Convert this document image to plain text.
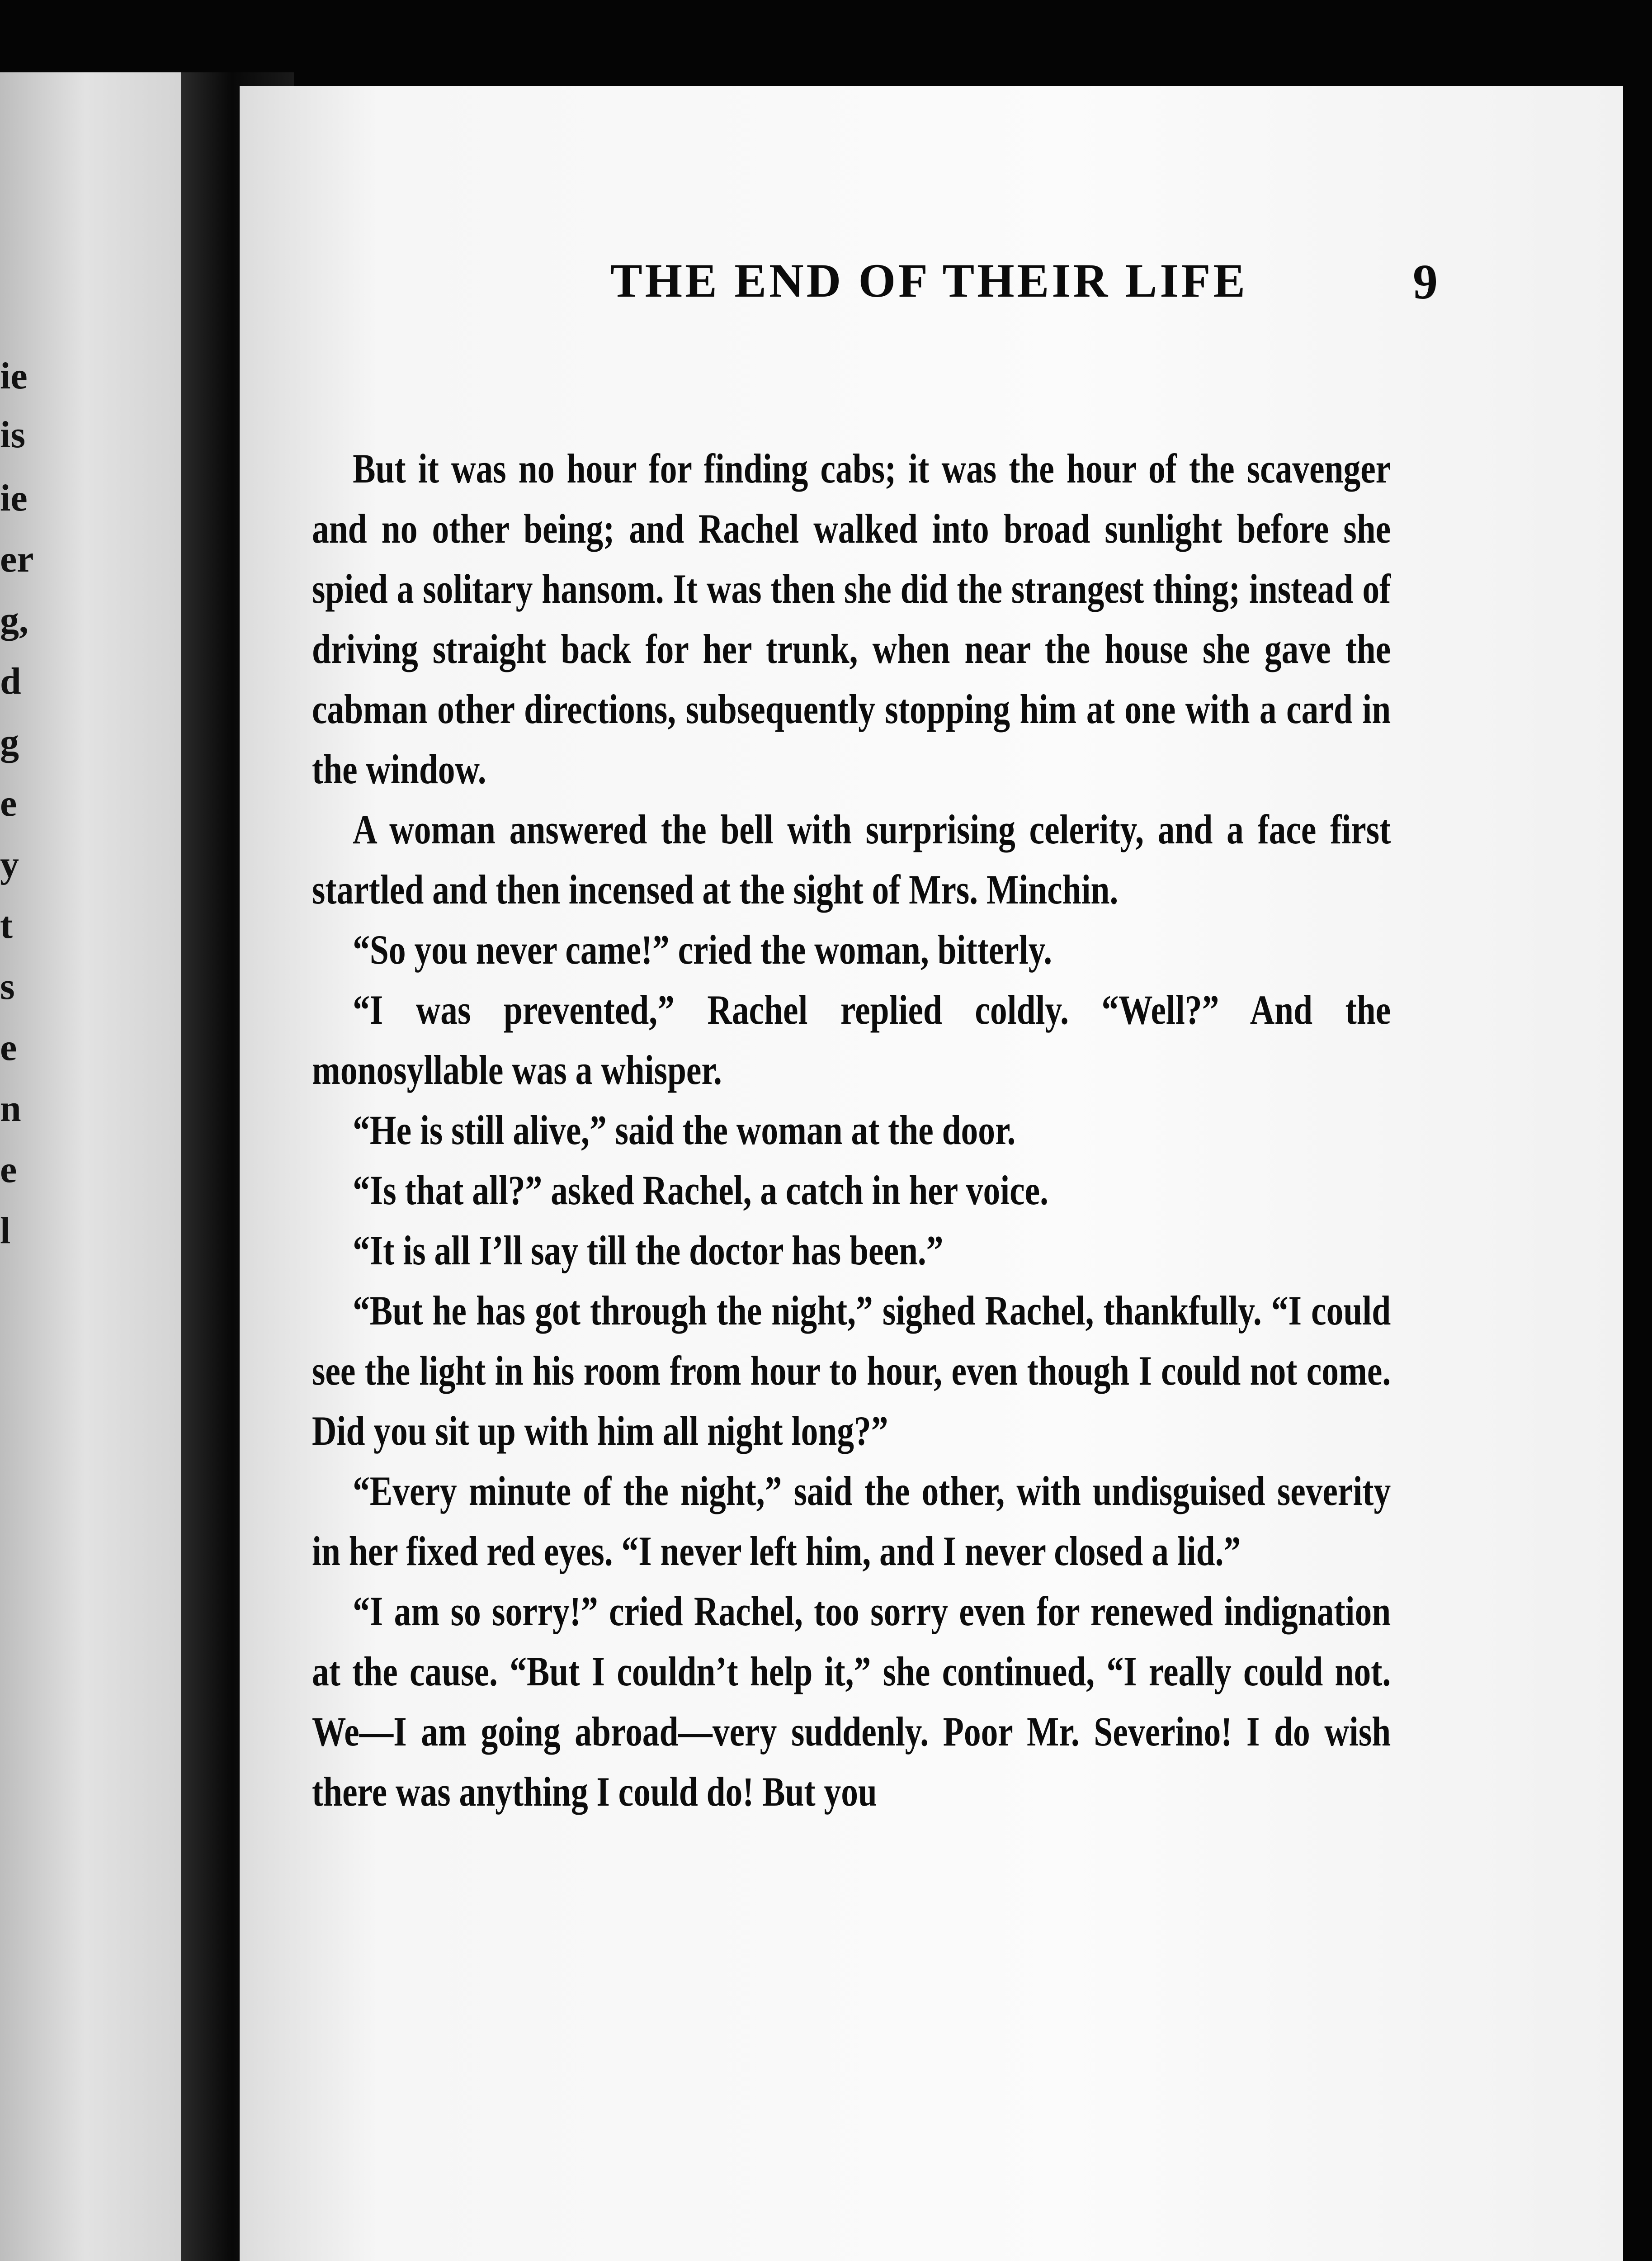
ie
is
ie
er
g,
d
g
e
y
t
s
e
n
e
l
THE END OF THEIR LIFE	9

But it was no hour for finding cabs; it was the hour of the scavenger and no other being; and Rachel walked into broad sunlight before she spied a solitary hansom. It was then she did the strangest thing; instead of driving straight back for her trunk, when near the house she gave the cabman other directions, subsequently stopping him at one with a card in the window.

A woman answered the bell with surprising celerity, and a face first startled and then incensed at the sight of Mrs. Minchin.

“So you never came!” cried the woman, bitterly.

“I was prevented,” Rachel replied coldly. “Well?” And the monosyllable was a whisper.

“He is still alive,” said the woman at the door.

“Is that all?” asked Rachel, a catch in her voice.

“It is all I’ll say till the doctor has been.”

“But he has got through the night,” sighed Rachel, thankfully. “I could see the light in his room from hour to hour, even though I could not come. Did you sit up with him all night long?”

“Every minute of the night,” said the other, with undisguised severity in her fixed red eyes. “I never left him, and I never closed a lid.”

“I am so sorry!” cried Rachel, too sorry even for renewed indignation at the cause. “But I couldn’t help it,” she continued, “I really could not. We—I am going abroad—very suddenly. Poor Mr. Severino! I do wish there was anything I could do! But you
